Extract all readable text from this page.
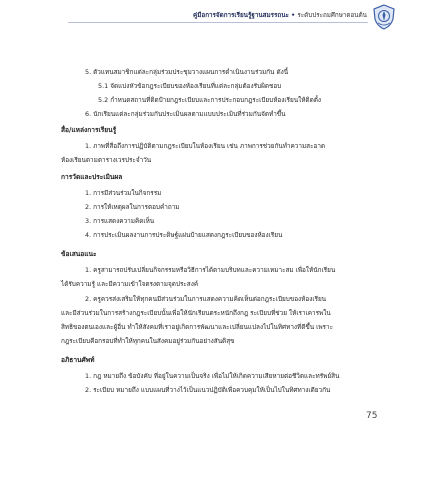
คู่มือการจัดการเรียนรู้ฐานสมรรถนะ • ระดับประถมศึกษาตอนต้น
5. ตัวแทนสมาชิกแต่ละกลุ่มร่วมประชุมวางแผนการดำเนินงานร่วมกัน ดังนี้
5.1 จัดแบ่งหัวข้อกฎระเบียบของห้องเรียนที่แต่ละกลุ่มต้องรับผิดชอบ
5.2 กำหนดสถานที่ติดป้ายกฎระเบียบและการประกอบกฎระเบียบห้องเรียนให้ติดตั้ง
6. นักเรียนแต่ละกลุ่มร่วมกันประเมินผลตามแบบประเมินที่ร่วมกันจัดทำขึ้น
สื่อ/แหล่งการเรียนรู้
1. ภาพที่สื่อถึงการปฏิบัติตามกฎระเบียบในห้องเรียน เช่น ภาพการช่วยกันทำความสะอาด
ห้องเรียนตามตารางเวรประจำวัน
การวัดและประเมินผล
1. การมีส่วนร่วมในกิจกรรม
2. การให้เหตุผลในการตอบคำถาม
3. การแสดงความคิดเห็น
4. การประเมินผลงานการประดิษฐ์แผ่นป้ายแสดงกฎระเบียบของห้องเรียน
ข้อเสนอแนะ
1. ครูสามารถปรับเปลี่ยนกิจกรรมหรือวิธีการได้ตามบริบทและความเหมาะสม เพื่อให้นักเรียน
ได้รับความรู้ และมีความเข้าใจตรงตามจุดประสงค์
2. ครูควรส่งเสริมให้ทุกคนมีส่วนร่วมในการแสดงความคิดเห็นต่อกฎระเบียบของห้องเรียน
และมีส่วนร่วมในการสร้างกฎระเบียบนั้นเพื่อให้นักเรียนตระหนักถึงกฎ ระเบียบที่ช่วย ให้เราเคารพใน
สิทธิของตนเองและผู้อื่น ทำให้สังคมที่เราอยู่เกิดการพัฒนาและเปลี่ยนแปลงไปในทิศทางที่ดีขึ้น เพราะ
กฎระเบียบคือกรอบที่ทำให้ทุกคนในสังคมอยู่ร่วมกันอย่างสันติสุข
อภิธานศัพท์
1. กฎ หมายถึง ข้อบังคับ ที่อยู่ในความเป็นจริง เพื่อไม่ให้เกิดความเสียหายต่อชีวิตและทรัพย์สิน
2. ระเบียบ หมายถึง แบบแผนที่วางไว้เป็นแนวปฏิบัติเพื่อควบคุมให้เป็นไปในทิศทางเดียวกัน
75
